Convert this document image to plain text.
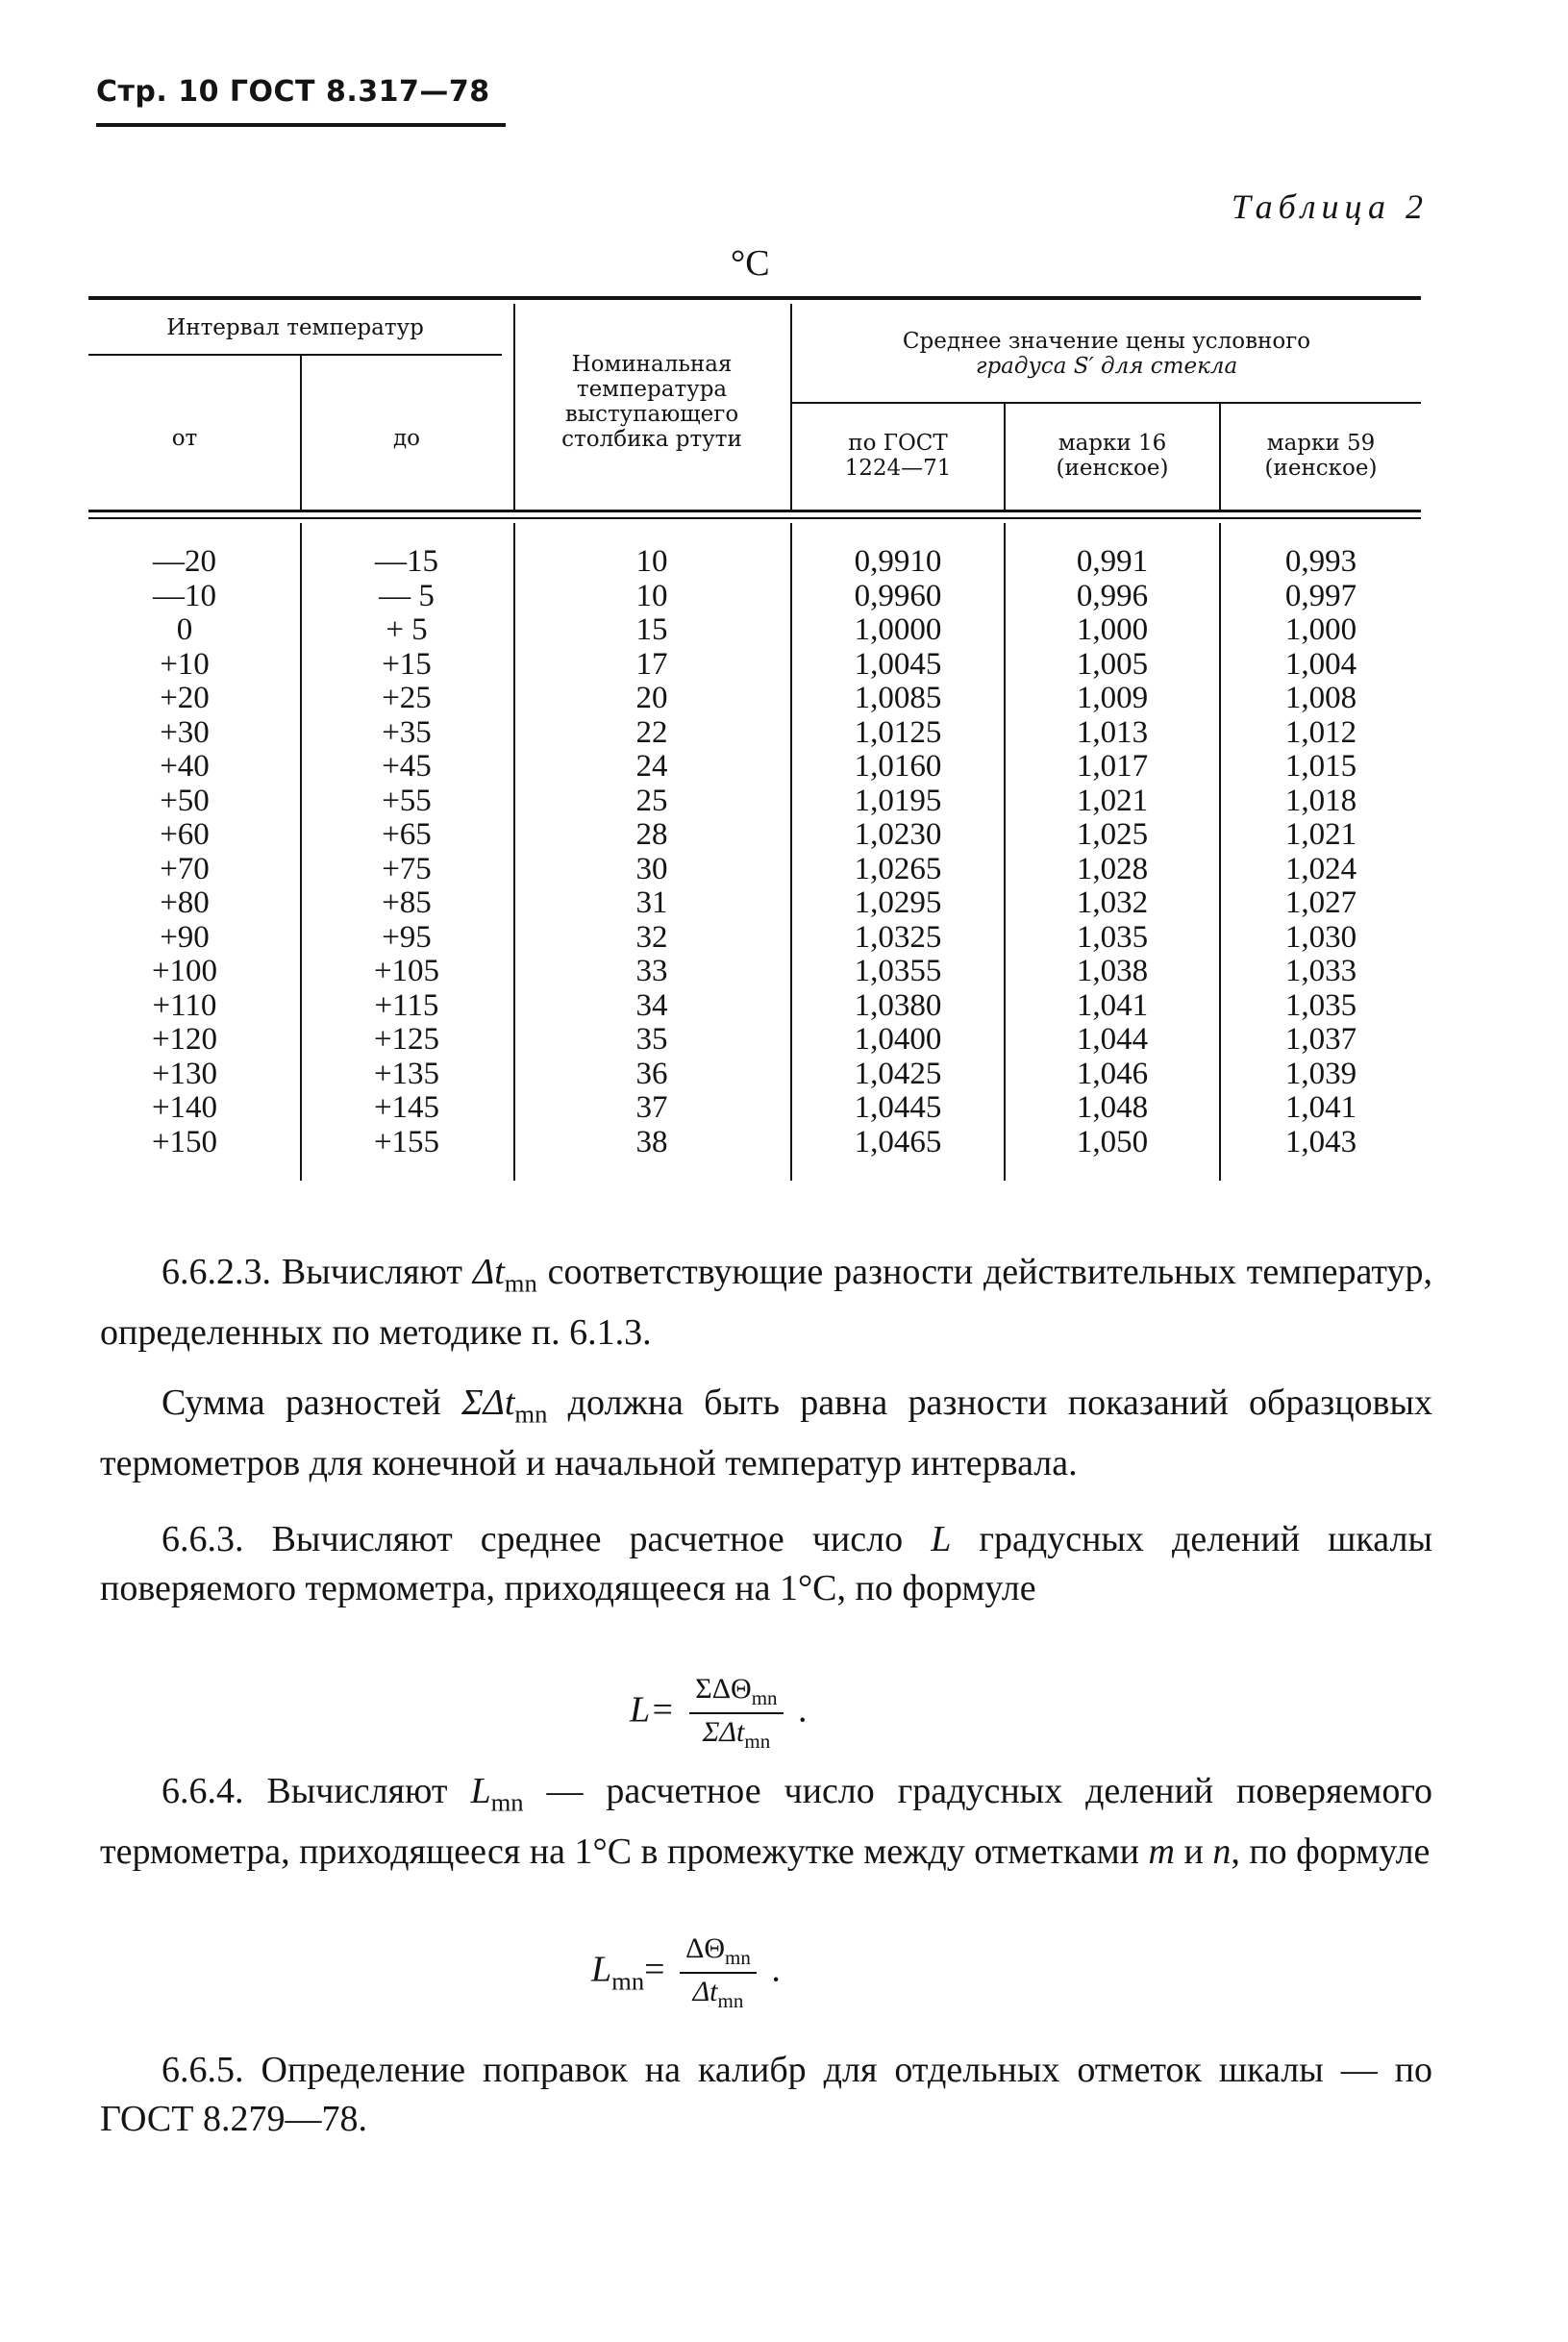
Стр. 10 ГОСТ 8.317—78
Таблица 2
°C
Интервал температур
от	до
Номинальная
температура
выступающего
столбика ртути
Среднее значение цены условного
градуса S′ для стекла
по ГОСТ
1224—71
марки 16
(иенское)
марки 59
(иенское)
—20	—15	10	0,9910	0,991	0,993
—10	— 5	10	0,9960	0,996	0,997
0	+ 5	15	1,0000	1,000	1,000
+10	+15	17	1,0045	1,005	1,004
+20	+25	20	1,0085	1,009	1,008
+30	+35	22	1,0125	1,013	1,012
+40	+45	24	1,0160	1,017	1,015
+50	+55	25	1,0195	1,021	1,018
+60	+65	28	1,0230	1,025	1,021
+70	+75	30	1,0265	1,028	1,024
+80	+85	31	1,0295	1,032	1,027
+90	+95	32	1,0325	1,035	1,030
+100	+105	33	1,0355	1,038	1,033
+110	+115	34	1,0380	1,041	1,035
+120	+125	35	1,0400	1,044	1,037
+130	+135	36	1,0425	1,046	1,039
+140	+145	37	1,0445	1,048	1,041
+150	+155	38	1,0465	1,050	1,043
6.6.2.3. Вычисляют $\Delta t_{mn}$ соответствующие разности действительных температур, определенных по методике п. 6.1.3.
Сумма разностей ΣΔt$_{mn}$ должна быть равна разности показаний образцовых термометров для конечной и начальной температур интервала.
6.6.3. Вычисляют среднее расчетное число L градусных делений шкалы поверяемого термометра, приходящееся на 1°С, по формуле
$L= \frac{\Sigma\Delta\Theta_{mn}}{\Sigma\Delta t_{mn}}$ .
6.6.4. Вычисляют $L_{mn}$ — расчетное число градусных делений поверяемого термометра, приходящееся на 1°С в промежутке между отметками m и n, по формуле
$L_{mn}= \frac{\Delta\Theta_{mn}}{\Delta t_{mn}}$ .
6.6.5. Определение поправок на калибр для отдельных отметок шкалы — по ГОСТ 8.279—78.
